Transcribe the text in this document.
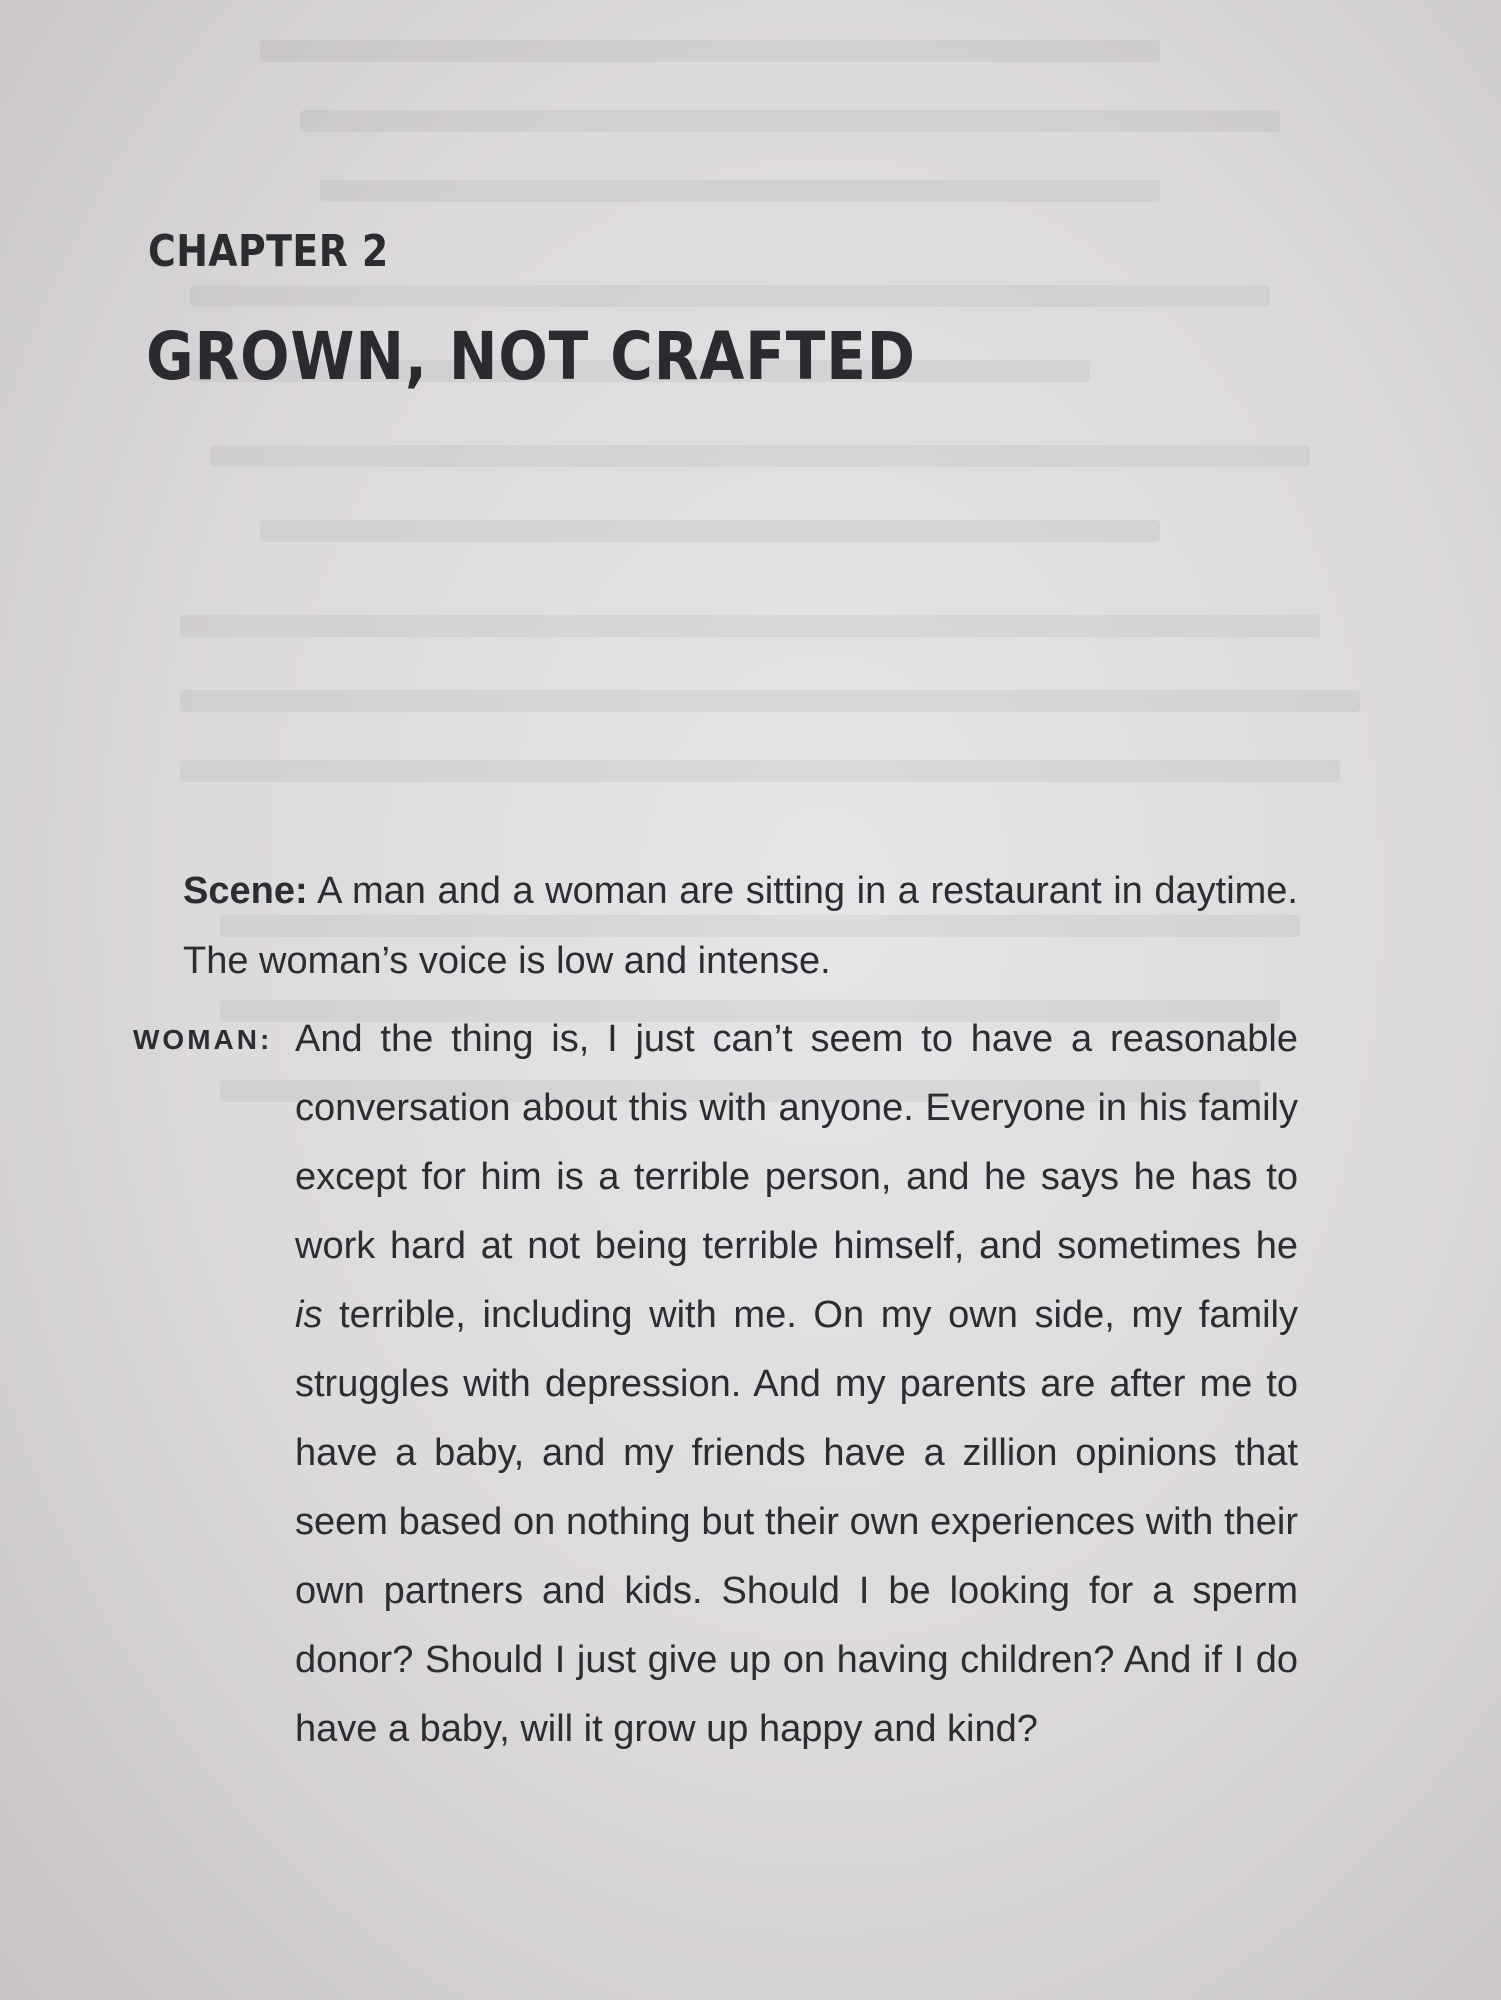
CHAPTER 2
GROWN, NOT CRAFTED

Scene: A man and a woman are sitting in a restaurant in daytime. The woman’s voice is low and intense.

WOMAN: And the thing is, I just can’t seem to have a reasonable conversation about this with anyone. Everyone in his family except for him is a terrible person, and he says he has to work hard at not being terrible himself, and sometimes he is terrible, including with me. On my own side, my family struggles with depression. And my parents are after me to have a baby, and my friends have a zillion opinions that seem based on nothing but their own experiences with their own partners and kids. Should I be looking for a sperm donor? Should I just give up on having children? And if I do have a baby, will it grow up happy and kind?
